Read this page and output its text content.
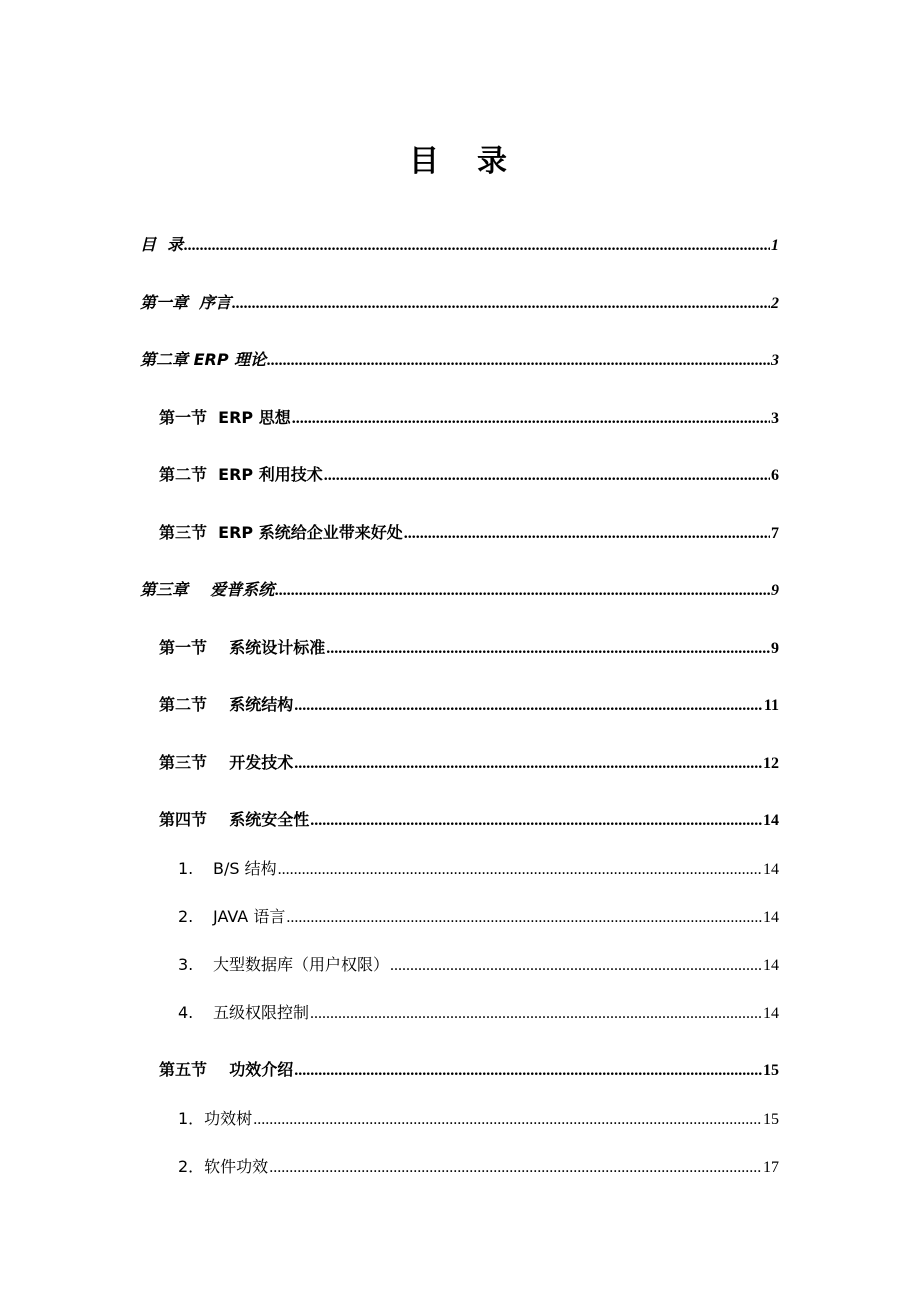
目 录
目  录 .....	1
第一章  序言 .....	2
第二章 ERP 理论 .....	3
第一节  ERP 思想 .....	3
第二节  ERP 利用技术 .....	6
第三节  ERP 系统给企业带来好处 .....	7
第三章    爱普系统 .....	9
第一节    系统设计标准 .....	9
第二节    系统结构 .....	11
第三节    开发技术 .....	12
第四节    系统安全性 .....	14
1. B/S 结构 .....	14
2. JAVA 语言 .....	14
3. 大型数据库（用户权限） .....	14
4. 五级权限控制 .....	14
第五节    功效介绍 .....	15
1．功效树 .....	15
2．软件功效 .....	17
